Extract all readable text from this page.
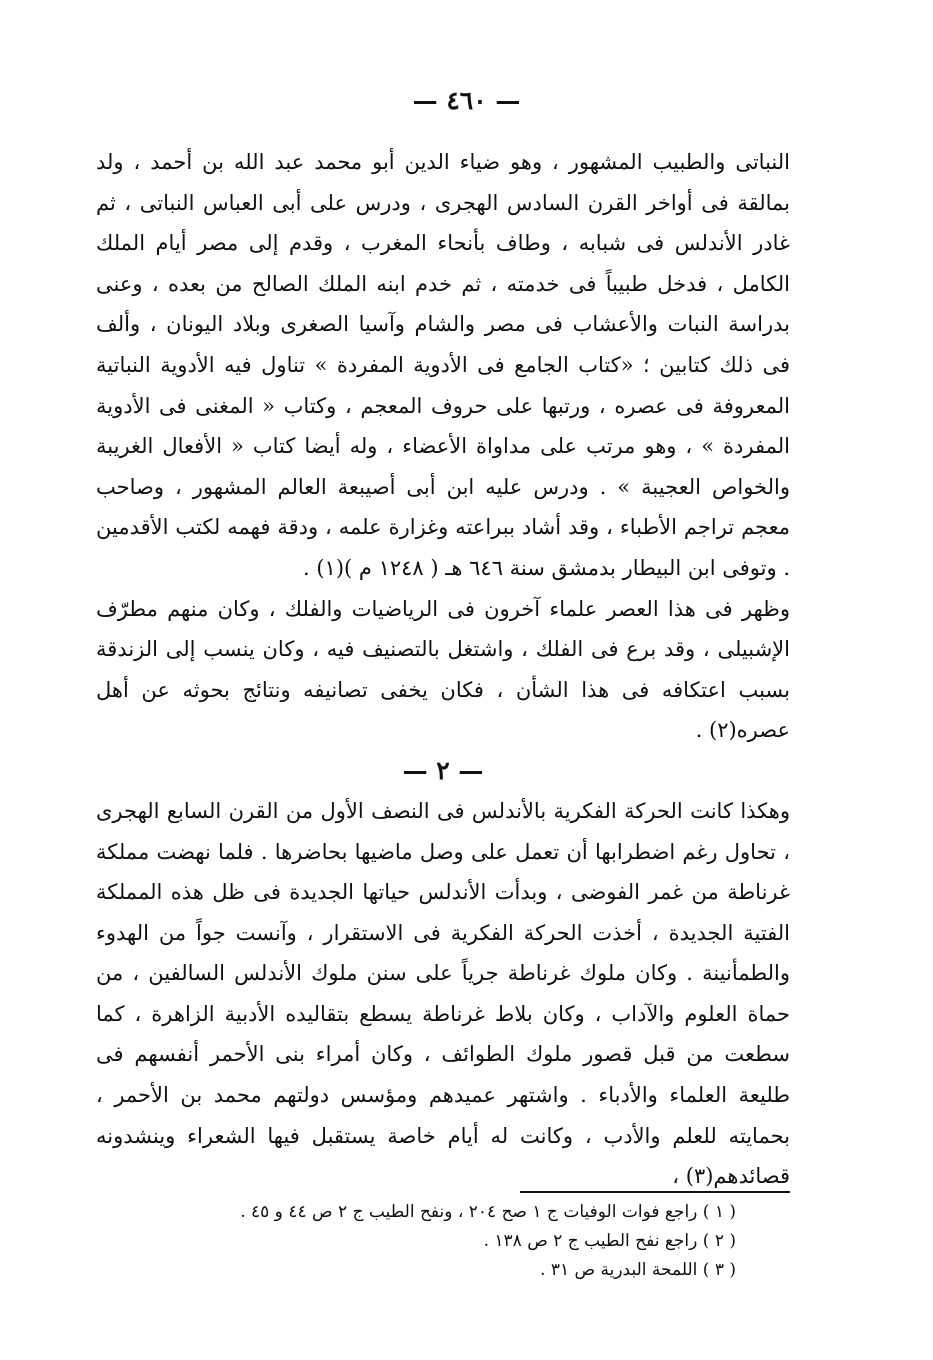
— ٤٦٠ —

النباتى والطبيب المشهور ، وهو ضياء الدين أبو محمد عبد الله بن أحمد ، ولد بمالقة فى أواخر القرن السادس الهجرى ، ودرس على أبى العباس النباتى ، ثم غادر الأندلس فى شبابه ، وطاف بأنحاء المغرب ، وقدم إلى مصر أيام الملك الكامل ، فدخل طبيباً فى خدمته ، ثم خدم ابنه الملك الصالح من بعده ، وعنى بدراسة النبات والأعشاب فى مصر والشام وآسيا الصغرى وبلاد اليونان ، وألف فى ذلك كتابين ؛ «كتاب الجامع فى الأدوية المفردة » تناول فيه الأدوية النباتية المعروفة فى عصره ، ورتبها على حروف المعجم ، وكتاب « المغنى فى الأدوية المفردة » ، وهو مرتب على مداواة الأعضاء ، وله أيضا كتاب « الأفعال الغريبة والخواص العجيبة » . ودرس عليه ابن أبى أصيبعة العالم المشهور ، وصاحب معجم تراجم الأطباء ، وقد أشاد ببراعته وغزارة علمه ، ودقة فهمه لكتب الأقدمين . وتوفى ابن البيطار بدمشق سنة ٦٤٦ هـ ( ١٢٤٨ م )(١) .

وظهر فى هذا العصر علماء آخرون فى الرياضيات والفلك ، وكان منهم مطرّف الإشبيلى ، وقد برع فى الفلك ، واشتغل بالتصنيف فيه ، وكان ينسب إلى الزندقة بسبب اعتكافه فى هذا الشأن ، فكان يخفى تصانيفه ونتائج بحوثه عن أهل عصره(٢) .

— ٢ —

وهكذا كانت الحركة الفكرية بالأندلس فى النصف الأول من القرن السابع الهجرى ، تحاول رغم اضطرابها أن تعمل على وصل ماضيها بحاضرها . فلما نهضت مملكة غرناطة من غمر الفوضى ، وبدأت الأندلس حياتها الجديدة فى ظل هذه المملكة الفتية الجديدة ، أخذت الحركة الفكرية فى الاستقرار ، وآنست جواً من الهدوء والطمأنينة . وكان ملوك غرناطة جرياً على سنن ملوك الأندلس السالفين ، من حماة العلوم والآداب ، وكان بلاط غرناطة يسطع بتقاليده الأدبية الزاهرة ، كما سطعت من قبل قصور ملوك الطوائف ، وكان أمراء بنى الأحمر أنفسهم فى طليعة العلماء والأدباء . واشتهر عميدهم ومؤسس دولتهم محمد بن الأحمر ، بحمايته للعلم والأدب ، وكانت له أيام خاصة يستقبل فيها الشعراء وينشدونه قصائدهم(٣) ،

( ١ ) راجع فوات الوفيات ج ١ صح ٢٠٤ ، ونفح الطيب ج ٢ ص ٤٤ و ٤٥ .
( ٢ ) راجع نفح الطيب ج ٢ ص ١٣٨ .
( ٣ ) اللمحة البدرية ص ٣١ .
